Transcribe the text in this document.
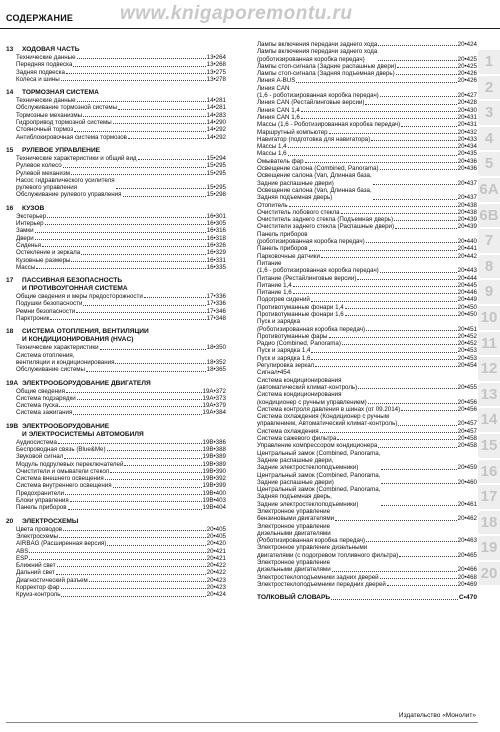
СОДЕРЖАНИЕ www.knigaporemontu.ru
13 ХОДОВАЯ ЧАСТЬ
Технические данные	13•264
Передняя подвеска	13•268
Задняя подвеска	13•275
Колеса и шины	13•278
14 ТОРМОЗНАЯ СИСТЕМА
Технические данные	14•281
Обслуживание тормозной системы	14•281
Тормозные механизмы	14•283
Гидропривод тормозной системы	14•290
Стояночный тормоз	14•292
Антиблокировочная система тормозов	14•292
15 РУЛЕВОЕ УПРАВЛЕНИЕ
Технические характеристики и общий вид	15•294
Рулевое колесо	15•295
Рулевой механизм	15•295
Насос гидравлического усилителя
рулевого управления	15•295
Обслуживание рулевого управления	15•298
16 КУЗОВ
Экстерьер	16•301
Интерьер	16•305
Замки	16•316
Двери	16•318
Сиденья	16•326
Остекление и зеркала	16•329
Кузовные размеры	16•331
Массы	16•335
17 ПАССИВНАЯ БЕЗОПАСНОСТЬ
И ПРОТИВОУГОННАЯ СИСТЕМА
Общие сведения и меры предосторожности	17•336
Подушки безопасности	17•336
Ремни безопасности	17•346
Парктроник	17•348
18 СИСТЕМА ОТОПЛЕНИЯ, ВЕНТИЛЯЦИИ
И КОНДИЦИОНИРОВАНИЯ (HVAC)
Технические характеристики	18•350
Система отопления,
вентиляции и кондиционирования	18•352
Обслуживание системы	18•365
19А ЭЛЕКТРООБОРУДОВАНИЕ ДВИГАТЕЛЯ
Общие сведения	19А•372
Система подзарядки	19А•373
Система пуска	19А•379
Система зажигания	19А•384
19В ЭЛЕКТРООБОРУДОВАНИЕ
И ЭЛЕКТРОСИСТЕМЫ АВТОМОБИЛЯ
Аудиосистема	19В•386
Беспроводная связь (Blue&Me)	19В•388
Звуковой сигнал	19В•389
Модуль подрулевых переключателей	19В•389
Очистители и омыватели стекол	19В•390
Система внешнего освещения	19В•392
Система внутреннего освещения	19В•399
Предохранители	19В•400
Блоки управления	19В•403
Панель приборов	19В•404
20 ЭЛЕКТРОСХЕМЫ
Цвета проводов	20•405
Электросхемы	20•405
AIRBAG (Расширенная версия)	20•420
ABS	20•421
ESP	20•421
Ближний свет	20•422
Дальний свет	20•422
Диагностический разъем	20•423
Корректор фар	20•423
Круиз-контроль	20•424
Лампы включения передачи заднего хода	20•424
Лампы включения передачи заднего хода
(роботизированная коробка передач)	20•425
Лампы стоп-сигнала (Задние распашные двери)	20•425
Лампы стоп-сигнала (Задняя подъемная дверь)	20•426
Линия A-BUS	20•426
Линия CAN
(1,6 - роботизированная коробка передач)	20•427
Линия CAN (Рестайлинговые версии)	20•428
Линия CAN 1,4	20•430
Линия CAN 1,6	20•431
Массы (1,6 - Роботизированная коробка передач)	20•431
Маршрутный компьютер	20•432
Навигатор (подготовка для навигатора)	20•433
Массы 1,4	20•434
Массы 1,6	20•435
Омыватель фар	20•436
Освещение салона (Combined, Panorama)	20•436
Освещение салона (Van, Длинная база,
Задние распашные двери)	20•437
Освещение салона (Van, Длинная база,
Задняя подъемная дверь)	20•437
Отопитель	20•438
Очиститель лобового стекла	20•438
Очиститель заднего стекла (Подъемная дверь)	20•439
Очистители заднего стекла (Распашные двери)	20•439
Панель приборов
(роботизированная коробка передач)	20•440
Панель приборов	20•441
Парковочные датчики	20•442
Питание
(1,6 - роботизированная коробка передач)	20•443
Питание (Рестайлинговые версии)	20•444
Питание 1,4	20•445
Питание 1,6	20•446
Подогрев сидений	20•449
Противотуманные фонари 1,4	20•450
Противотуманные фонари 1,6	20•450
Пуск и зарядка
(Роботизированная коробка передач)	20•451
Противотуманные фары	20•452
Радио (Combined, Panorama)	20•452
Пуск и зарядка 1,4	20•453
Пуск и зарядка 1,6	20•453
Регулировка зеркал	20•454
Сигнал•454
Система кондиционирования
(автоматический климат-контроль)	20•455
Система кондиционирования
(кондиционер с ручным управлением)	20•456
Система контроля давления в шинах (от 09.2014)	20•456
Система охлаждения (Кондиционер с ручным
управлением, Автоматический климат-контроль)	20•457
Система охлаждения	20•457
Система сажевого фильтра	20•458
Управление компрессором кондиционера	20•458
Центральный замок (Combined, Panorama,
Задние распашные двери,
Задние электростеклоподъемники)	20•459
Центральный замок (Combined, Panorama,
Задние распашные двери)	20•460
Центральный замок (Combined, Panorama,
Задняя подъемная дверь,
Задние электростеклоподъемники)	20•461
Электронное управление
бензиновыми двигателями	20•462
Электронное управление
дизельными двигателями
(Роботизированная коробка передач)	20•463
Электронное управление дизельными
двигателями (с подогревом топливного фильтра)	20•465
Электронное управление
дизельными двигателями	20•466
Электростеклоподъемники задних дверей	20•468
Электростеклоподъемники передних дверей	20•469
ТОЛКОВЫЙ СЛОВАРЬ	С•470
1
2
3
4
5
6А
6В
7
8
9
10
11
12
13
14
15
16
17
18
19
20
Издательство «Монолит»
